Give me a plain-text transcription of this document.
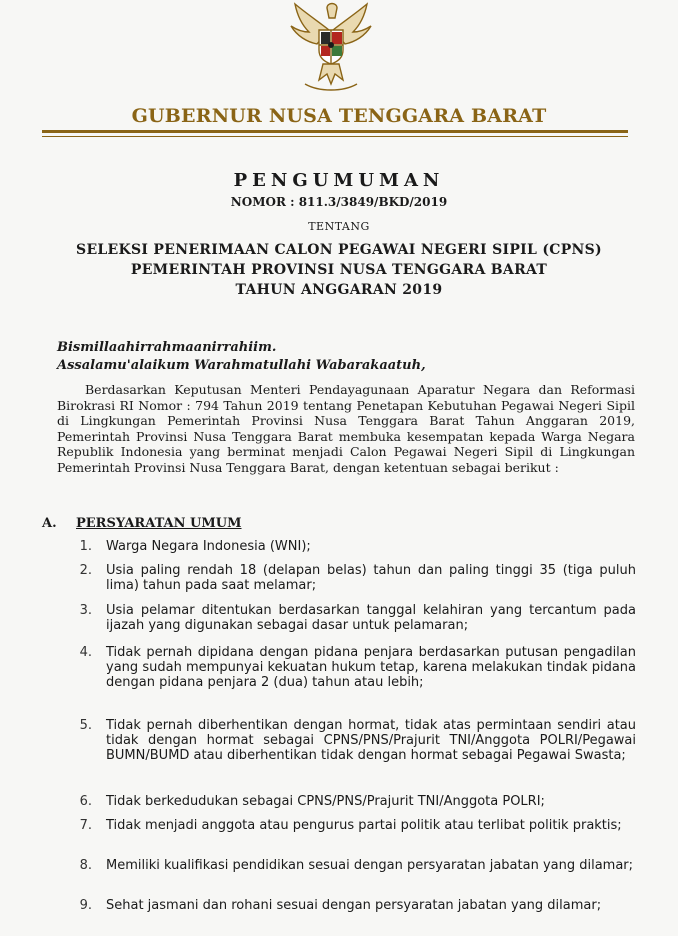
GUBERNUR NUSA TENGGARA BARAT
PENGUMUMAN
NOMOR : 811.3/3849/BKD/2019
TENTANG
SELEKSI PENERIMAAN CALON PEGAWAI NEGERI SIPIL (CPNS)
PEMERINTAH PROVINSI NUSA TENGGARA BARAT
TAHUN ANGGARAN 2019
Bismillaahirrahmaanirrahiim.
Assalamu'alaikum Warahmatullahi Wabarakaatuh,

Berdasarkan Keputusan Menteri Pendayagunaan Aparatur Negara dan Reformasi Birokrasi RI Nomor : 794 Tahun 2019 tentang Penetapan Kebutuhan Pegawai Negeri Sipil di Lingkungan Pemerintah Provinsi Nusa Tenggara Barat Tahun Anggaran 2019, Pemerintah Provinsi Nusa Tenggara Barat membuka kesempatan kepada Warga Negara Republik Indonesia yang berminat menjadi Calon Pegawai Negeri Sipil di Lingkungan Pemerintah Provinsi Nusa Tenggara Barat, dengan ketentuan sebagai berikut :

A. PERSYARATAN UMUM
1. Warga Negara Indonesia (WNI);
2. Usia paling rendah 18 (delapan belas) tahun dan paling tinggi 35 (tiga puluh lima) tahun pada saat melamar;
3. Usia pelamar ditentukan berdasarkan tanggal kelahiran yang tercantum pada ijazah yang digunakan sebagai dasar untuk pelamaran;
4. Tidak pernah dipidana dengan pidana penjara berdasarkan putusan pengadilan yang sudah mempunyai kekuatan hukum tetap, karena melakukan tindak pidana dengan pidana penjara 2 (dua) tahun atau lebih;
5. Tidak pernah diberhentikan dengan hormat, tidak atas permintaan sendiri atau tidak dengan hormat sebagai CPNS/PNS/Prajurit TNI/Anggota POLRI/Pegawai BUMN/BUMD atau diberhentikan tidak dengan hormat sebagai Pegawai Swasta;
6. Tidak berkedudukan sebagai CPNS/PNS/Prajurit TNI/Anggota POLRI;
7. Tidak menjadi anggota atau pengurus partai politik atau terlibat politik praktis;
8. Memiliki kualifikasi pendidikan sesuai dengan persyaratan jabatan yang dilamar;
9. Sehat jasmani dan rohani sesuai dengan persyaratan jabatan yang dilamar;
